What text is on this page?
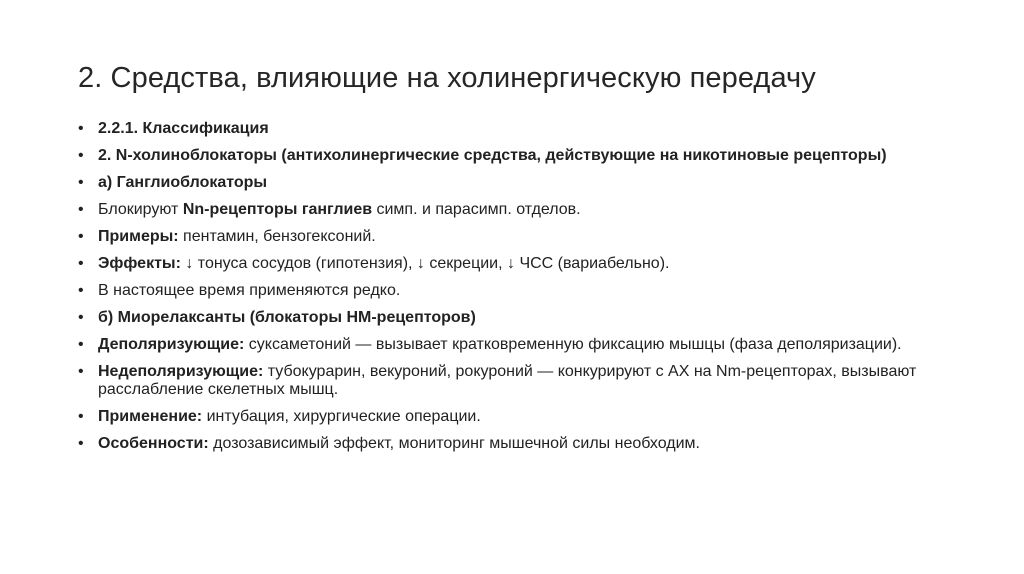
2. Средства, влияющие на холинергическую передачу
• 2.2.1. Классификация
• 2. N-холиноблокаторы (антихолинергические средства, действующие на никотиновые рецепторы)
• а) Ганглиоблокаторы
• Блокируют Nn-рецепторы ганглиев симп. и парасимп. отделов.
• Примеры: пентамин, бензогексоний.
• Эффекты: ↓ тонуса сосудов (гипотензия), ↓ секреции, ↓ ЧСС (вариабельно).
• В настоящее время применяются редко.
• б) Миорелаксанты (блокаторы НМ-рецепторов)
• Деполяризующие: суксаметоний — вызывает кратковременную фиксацию мышцы (фаза деполяризации).
• Недеполяризующие: тубокурарин, векуроний, рокуроний — конкурируют с АХ на Nm-рецепторах, вызывают расслабление скелетных мышц.
• Применение: интубация, хирургические операции.
• Особенности: дозозависимый эффект, мониторинг мышечной силы необходим.
